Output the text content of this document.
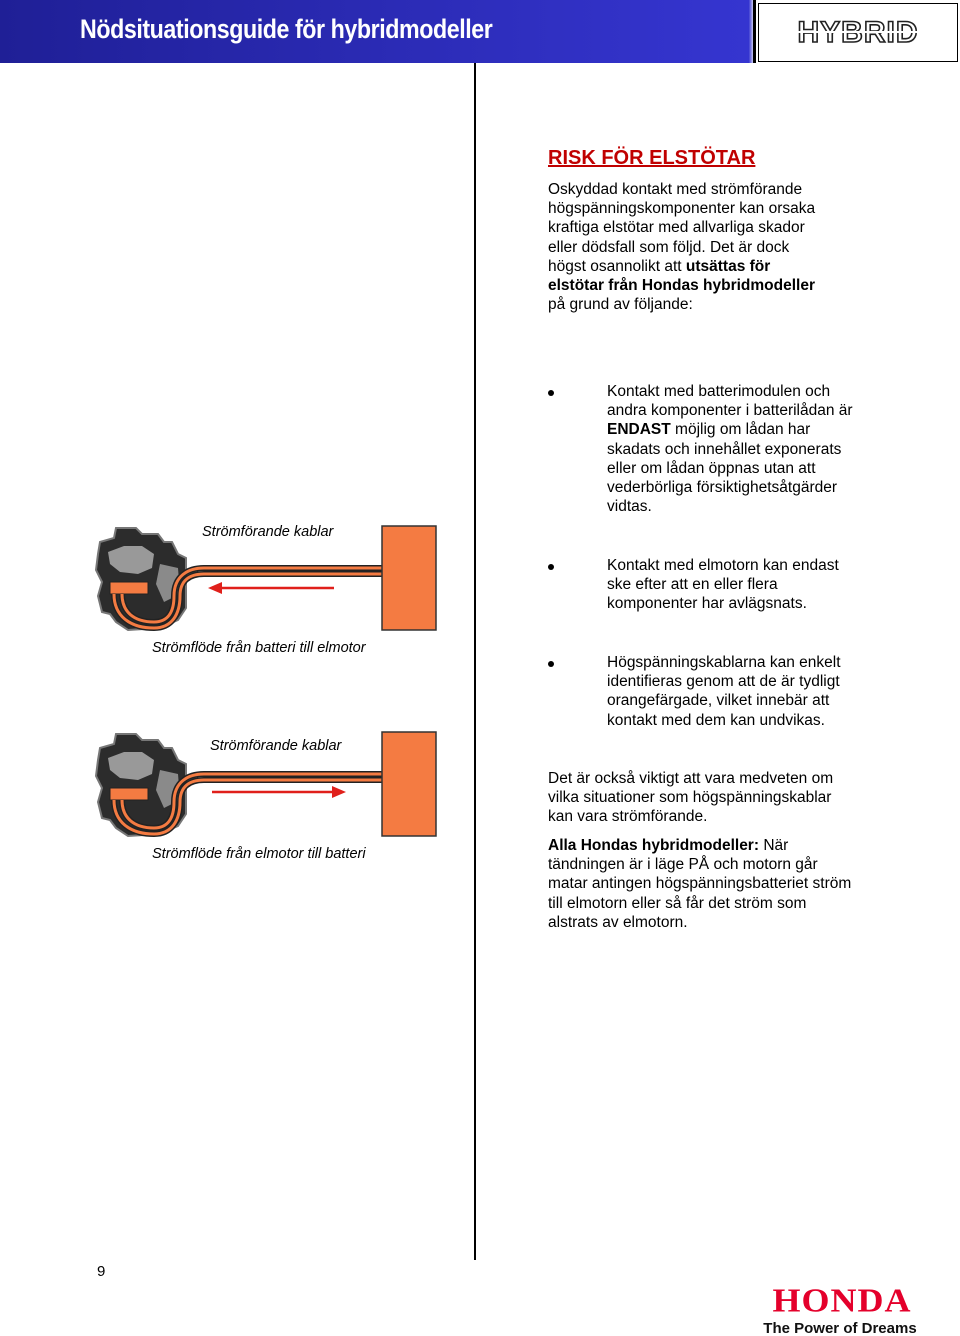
Nödsituationsguide för hybridmodeller	HYBRID
RISK FÖR ELSTÖTAR
Oskyddad kontakt med strömförande
högspänningskomponenter kan orsaka
kraftiga elstötar med allvarliga skador
eller dödsfall som följd. Det är dock
högst osannolikt att utsättas för
elstötar från Hondas hybridmodeller
på grund av följande:
Kontakt med batterimodulen och
andra komponenter i batterilådan är
ENDAST möjlig om lådan har
skadats och innehållet exponerats
eller om lådan öppnas utan att
vederbörliga försiktighetsåtgärder
vidtas.
Kontakt med elmotorn kan endast
ske efter att en eller flera
komponenter har avlägsnats.
Högspänningskablarna kan enkelt
identifieras genom att de är tydligt
orangefärgade, vilket innebär att
kontakt med dem kan undvikas.
Det är också viktigt att vara medveten om
vilka situationer som högspänningskablar
kan vara strömförande.
Alla Hondas hybridmodeller: När
tändningen är i läge PÅ och motorn går
matar antingen högspänningsbatteriet ström
till elmotorn eller så får det ström som
alstrats av elmotorn.
Strömförande kablar
Strömflöde från batteri till elmotor
Strömförande kablar
Strömflöde från elmotor till batteri
9
HONDA
The Power of Dreams
